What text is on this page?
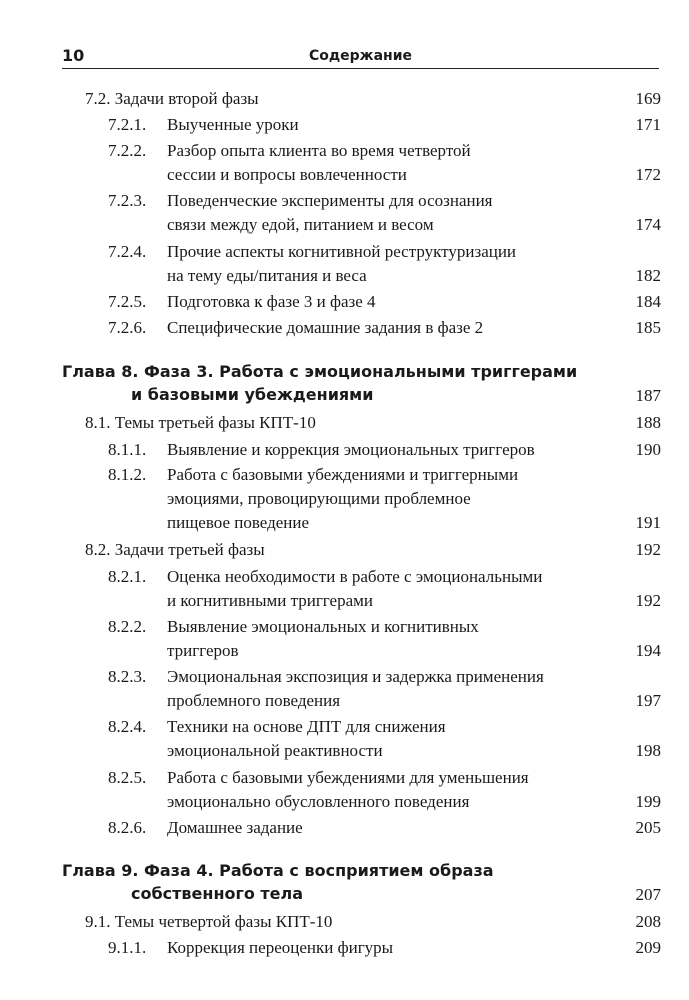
10	Содержание
7.2. Задачи второй фазы	169
7.2.1. Выученные уроки	171
7.2.2. Разбор опыта клиента во время четвертой
сессии и вопросы вовлеченности	172
7.2.3. Поведенческие эксперименты для осознания
связи между едой, питанием и весом	174
7.2.4. Прочие аспекты когнитивной реструктуризации
на тему еды/питания и веса	182
7.2.5. Подготовка к фазе 3 и фазе 4	184
7.2.6. Специфические домашние задания в фазе 2	185
Глава 8. Фаза 3. Работа с эмоциональными триггерами
и базовыми убеждениями	187
8.1. Темы третьей фазы КПТ-10	188
8.1.1. Выявление и коррекция эмоциональных триггеров	190
8.1.2. Работа с базовыми убеждениями и триггерными
эмоциями, провоцирующими проблемное
пищевое поведение	191
8.2. Задачи третьей фазы	192
8.2.1. Оценка необходимости в работе с эмоциональными
и когнитивными триггерами	192
8.2.2. Выявление эмоциональных и когнитивных
триггеров	194
8.2.3. Эмоциональная экспозиция и задержка применения
проблемного поведения	197
8.2.4. Техники на основе ДПТ для снижения
эмоциональной реактивности	198
8.2.5. Работа с базовыми убеждениями для уменьшения
эмоционально обусловленного поведения	199
8.2.6. Домашнее задание	205
Глава 9. Фаза 4. Работа с восприятием образа
собственного тела	207
9.1. Темы четвертой фазы КПТ-10	208
9.1.1. Коррекция переоценки фигуры	209
